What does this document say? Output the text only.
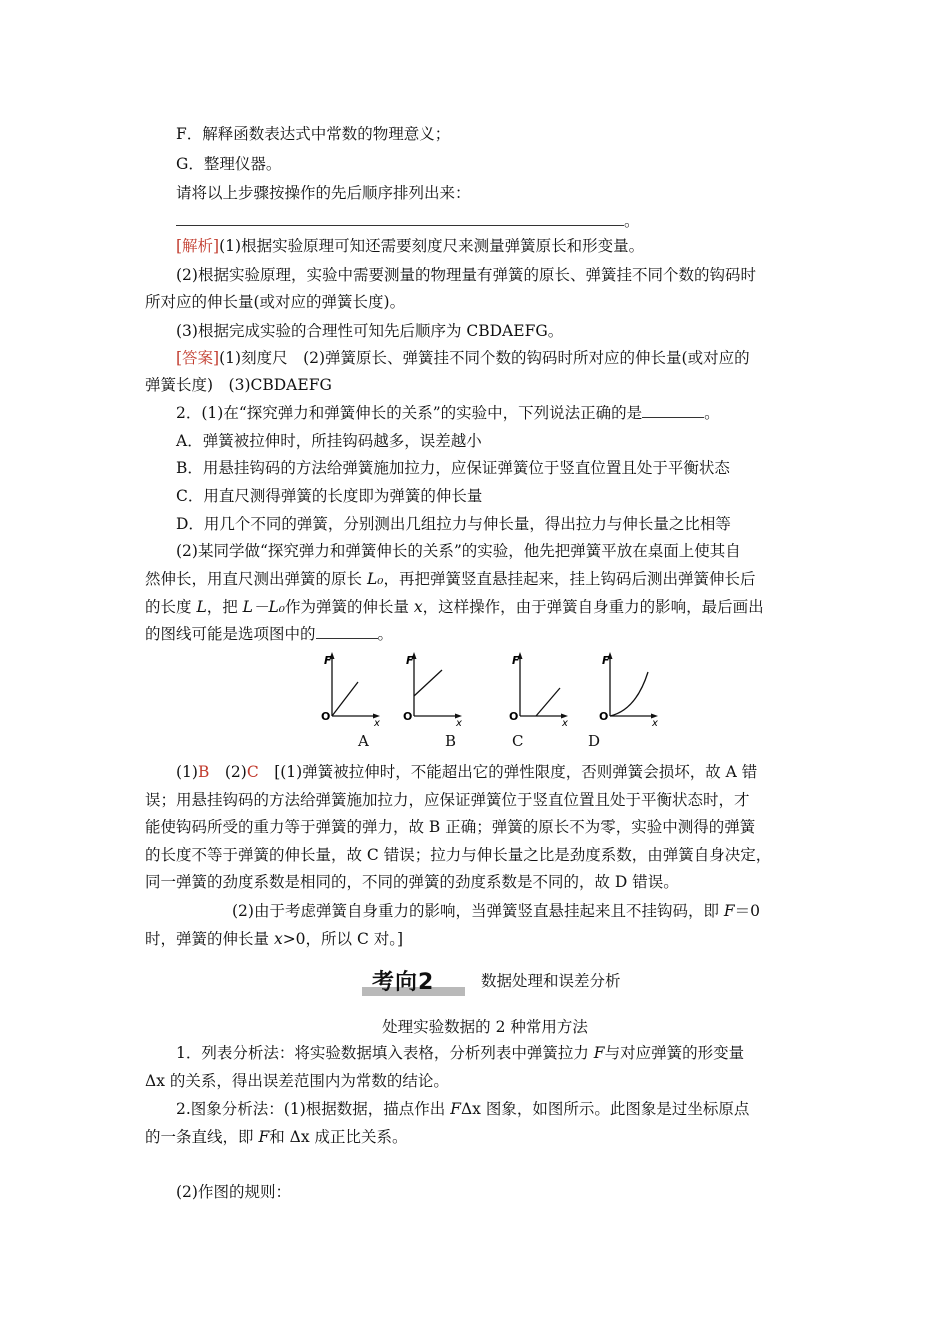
F．解释函数表达式中常数的物理意义；
G．整理仪器。
请将以上步骤按操作的先后顺序排列出来：
。
[解析](1)根据实验原理可知还需要刻度尺来测量弹簧原长和形变量。
(2)根据实验原理，实验中需要测量的物理量有弹簧的原长、弹簧挂不同个数的钩码时
所对应的伸长量(或对应的弹簧长度)。
(3)根据完成实验的合理性可知先后顺序为 CBDAEFG。
[答案](1)刻度尺　(2)弹簧原长、弹簧挂不同个数的钩码时所对应的伸长量(或对应的
弹簧长度)　(3)CBDAEFG
2．(1)在“探究弹力和弹簧伸长的关系”的实验中，下列说法正确的是	。
A．弹簧被拉伸时，所挂钩码越多，误差越小
B．用悬挂钩码的方法给弹簧施加拉力，应保证弹簧位于竖直位置且处于平衡状态
C．用直尺测得弹簧的长度即为弹簧的伸长量
D．用几个不同的弹簧，分别测出几组拉力与伸长量，得出拉力与伸长量之比相等
(2)某同学做“探究弹力和弹簧伸长的关系”的实验，他先把弹簧平放在桌面上使其自
然伸长，用直尺测出弹簧的原长 L₀，再把弹簧竖直悬挂起来，挂上钩码后测出弹簧伸长后
的长度 L，把 L－L₀作为弹簧的伸长量 x，这样操作，由于弹簧自身重力的影响，最后画出
的图线可能是选项图中的	。
F
O
x
F
O
x
F
O
x
F
O
x
A	B	C	D
(1)B　(2)C　[(1)弹簧被拉伸时，不能超出它的弹性限度，否则弹簧会损坏，故 A 错
误；用悬挂钩码的方法给弹簧施加拉力，应保证弹簧位于竖直位置且处于平衡状态时，才
能使钩码所受的重力等于弹簧的弹力，故 B 正确；弹簧的原长不为零，实验中测得的弹簧
的长度不等于弹簧的伸长量，故 C 错误；拉力与伸长量之比是劲度系数，由弹簧自身决定，
同一弹簧的劲度系数是相同的，不同的弹簧的劲度系数是不同的，故 D 错误。
(2)由于考虑弹簧自身重力的影响，当弹簧竖直悬挂起来且不挂钩码，即 F＝0
时，弹簧的伸长量 x>0，所以 C 对。]
考向2	数据处理和误差分析
处理实验数据的 2 种常用方法
1．列表分析法：将实验数据填入表格，分析列表中弹簧拉力 F与对应弹簧的形变量
Δx 的关系，得出误差范围内为常数的结论。
2.图象分析法：(1)根据数据，描点作出 FΔx 图象，如图所示。此图象是过坐标原点
的一条直线，即 F和 Δx 成正比关系。
(2)作图的规则：
